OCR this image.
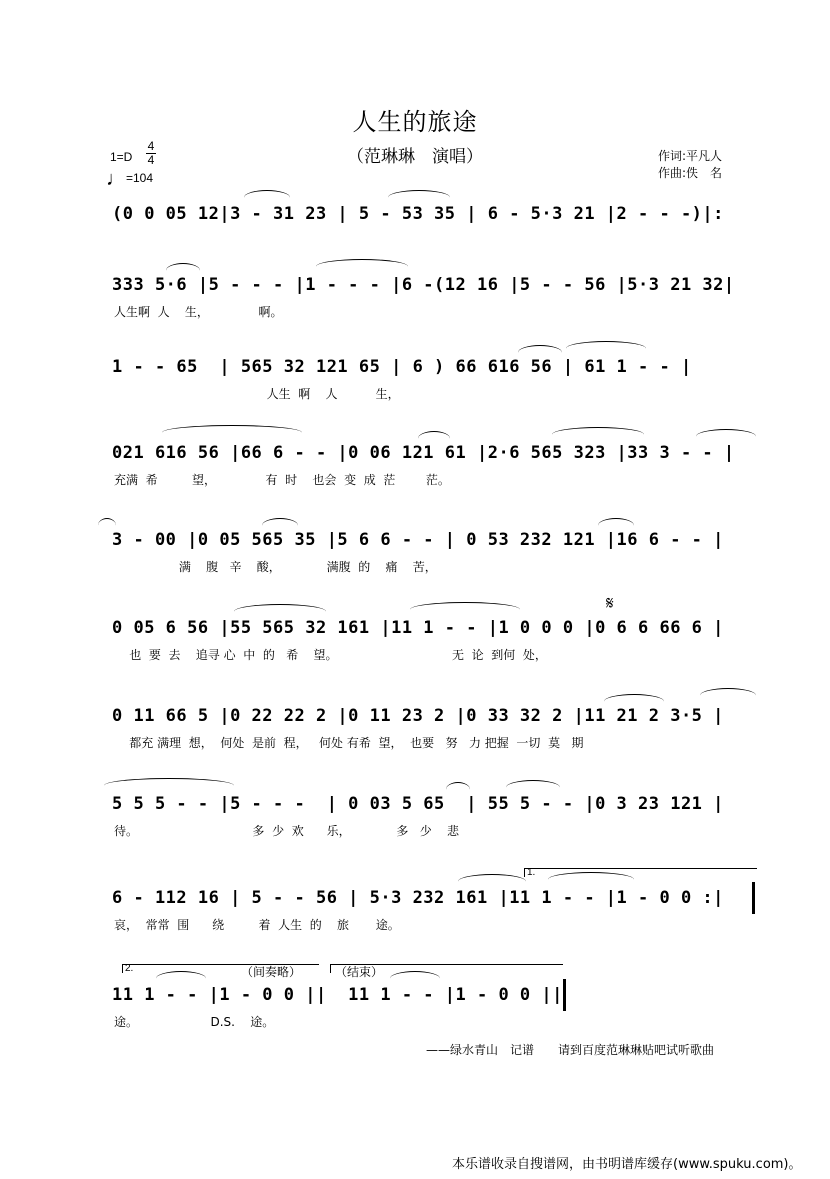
人生的旅途
（范琳琳　演唱）	作词:平凡人
作曲:佚　名
1=D
4
4
♩=104
(0 0 05 12|3 - 31 23 | 5 - 53 35 | 6 - 5·3 21 |2 - - -)|:
333 5·6 |5 - - - |1 - - - |6 -(12 16 |5 - - 56 |5·3 21 32|
人生啊  人    生，             啊。
1 - - 65  | 565 32 121 65 | 6 ) 66 616 56 | 61 1 - - |
人生  啊    人          生，
021 616 56 |66 6 - - |0 06 121 61 |2·6 565 323 |33 3 - - |
充满  希         望，             有  时    也会  变  成  茫        茫。
3 - 00 |0 05 565 35 |5 6 6 - - | 0 53 232 121 |16 6 - - |
满    腹   辛    酸，            满腹  的    痛    苦，
𝄋
0 05 6 56 |55 565 32 161 |11 1 - - |1 0 0 0 |0 6 6 66 6 |
也  要  去    追寻 心  中  的   希    望。                              无  论  到何  处，
0 11 66 5 |0 22 22 2 |0 11 23 2 |0 33 32 2 |11 21 2 3·5 |
都充 满理  想，  何处  是前  程，   何处 有希  望，  也要   努   力 把握  一切  莫   期
5 5 5 - - |5 - - -  | 0 03 5 65  | 55 5 - - |0 3 23 121 |
待。                              多  少  欢      乐，            多   少    悲
1.
6 - 112 16 | 5 - - 56 | 5·3 232 161 |11 1 - - |1 - 0 0 :|
哀，  常常  围      绕         着  人生  的    旅       途。
2.	（间奏略）	（结束）
11 1 - - |1 - 0 0 ||  11 1 - - |1 - 0 0 ||
途。                   D.S.    途。
——绿水青山　记谱　　请到百度范琳琳贴吧试听歌曲
本乐谱收录自搜谱网，由书明谱库缓存(www.spuku.com)。
